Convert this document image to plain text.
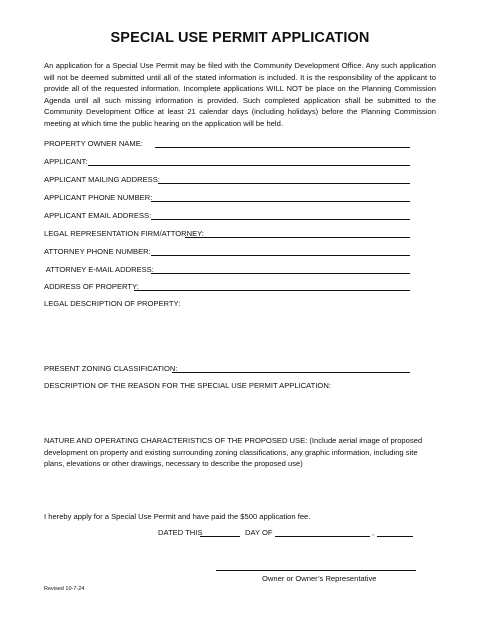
SPECIAL USE PERMIT APPLICATION
An application for a Special Use Permit may be filed with the Community Development Office. Any such application will not be deemed submitted until all of the stated information is included. It is the responsibility of the applicant to provide all of the requested information. Incomplete applications WILL NOT be place on the Planning Commission Agenda until all such missing information is provided. Such completed application shall be submitted to the Community Development Office at least 21 calendar days (including holidays) before the Planning Commission meeting at which time the public hearing on the application will be held.
PROPERTY OWNER NAME:
APPLICANT:
APPLICANT MAILING ADDRESS:
APPLICANT PHONE NUMBER:
APPLICANT EMAIL ADDRESS:
LEGAL REPRESENTATION FIRM/ATTORNEY:
ATTORNEY PHONE NUMBER:
ATTORNEY E-MAIL ADDRESS:
ADDRESS OF PROPERTY:
LEGAL DESCRIPTION OF PROPERTY:
PRESENT ZONING CLASSIFICATION:
DESCRIPTION OF THE REASON FOR THE SPECIAL USE PERMIT APPLICATION:
NATURE AND OPERATING CHARACTERISTICS OF THE PROPOSED USE: (Include aerial image of proposed development on property and existing surrounding zoning classifications, any graphic information, including site plans, elevations or other drawings, necessary to describe the proposed use)
I hereby apply for a Special Use Permit and have paid the $500 application fee.
DATED THIS	DAY OF	,
Owner or Owner’s Representative
Revised 10-7-24
